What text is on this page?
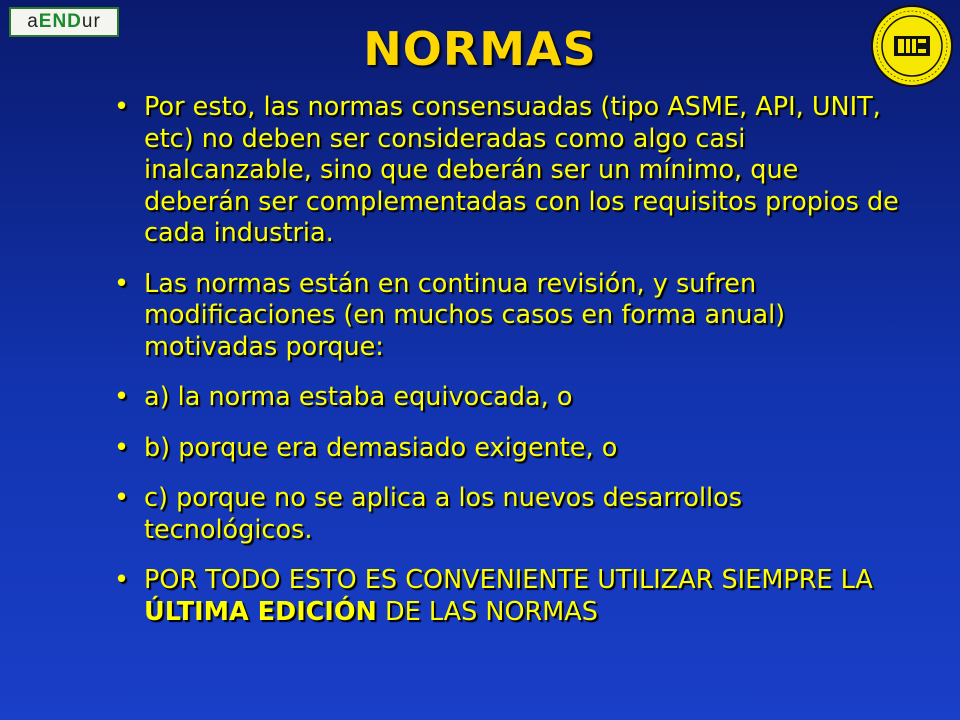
a END ur
NORMAS
• Por esto, las normas consensuadas (tipo ASME, API, UNIT, etc) no deben ser consideradas como algo casi inalcanzable, sino que deberán ser un mínimo, que deberán ser complementadas con los requisitos propios de cada industria.
• Las normas están en continua revisión, y sufren modificaciones (en muchos casos en forma anual) motivadas porque:
• a) la norma estaba equivocada, o
• b) porque era demasiado exigente, o
• c) porque no se aplica a los nuevos desarrollos tecnológicos.
• POR TODO ESTO ES CONVENIENTE UTILIZAR SIEMPRE LA ÚLTIMA EDICIÓN DE LAS NORMAS
